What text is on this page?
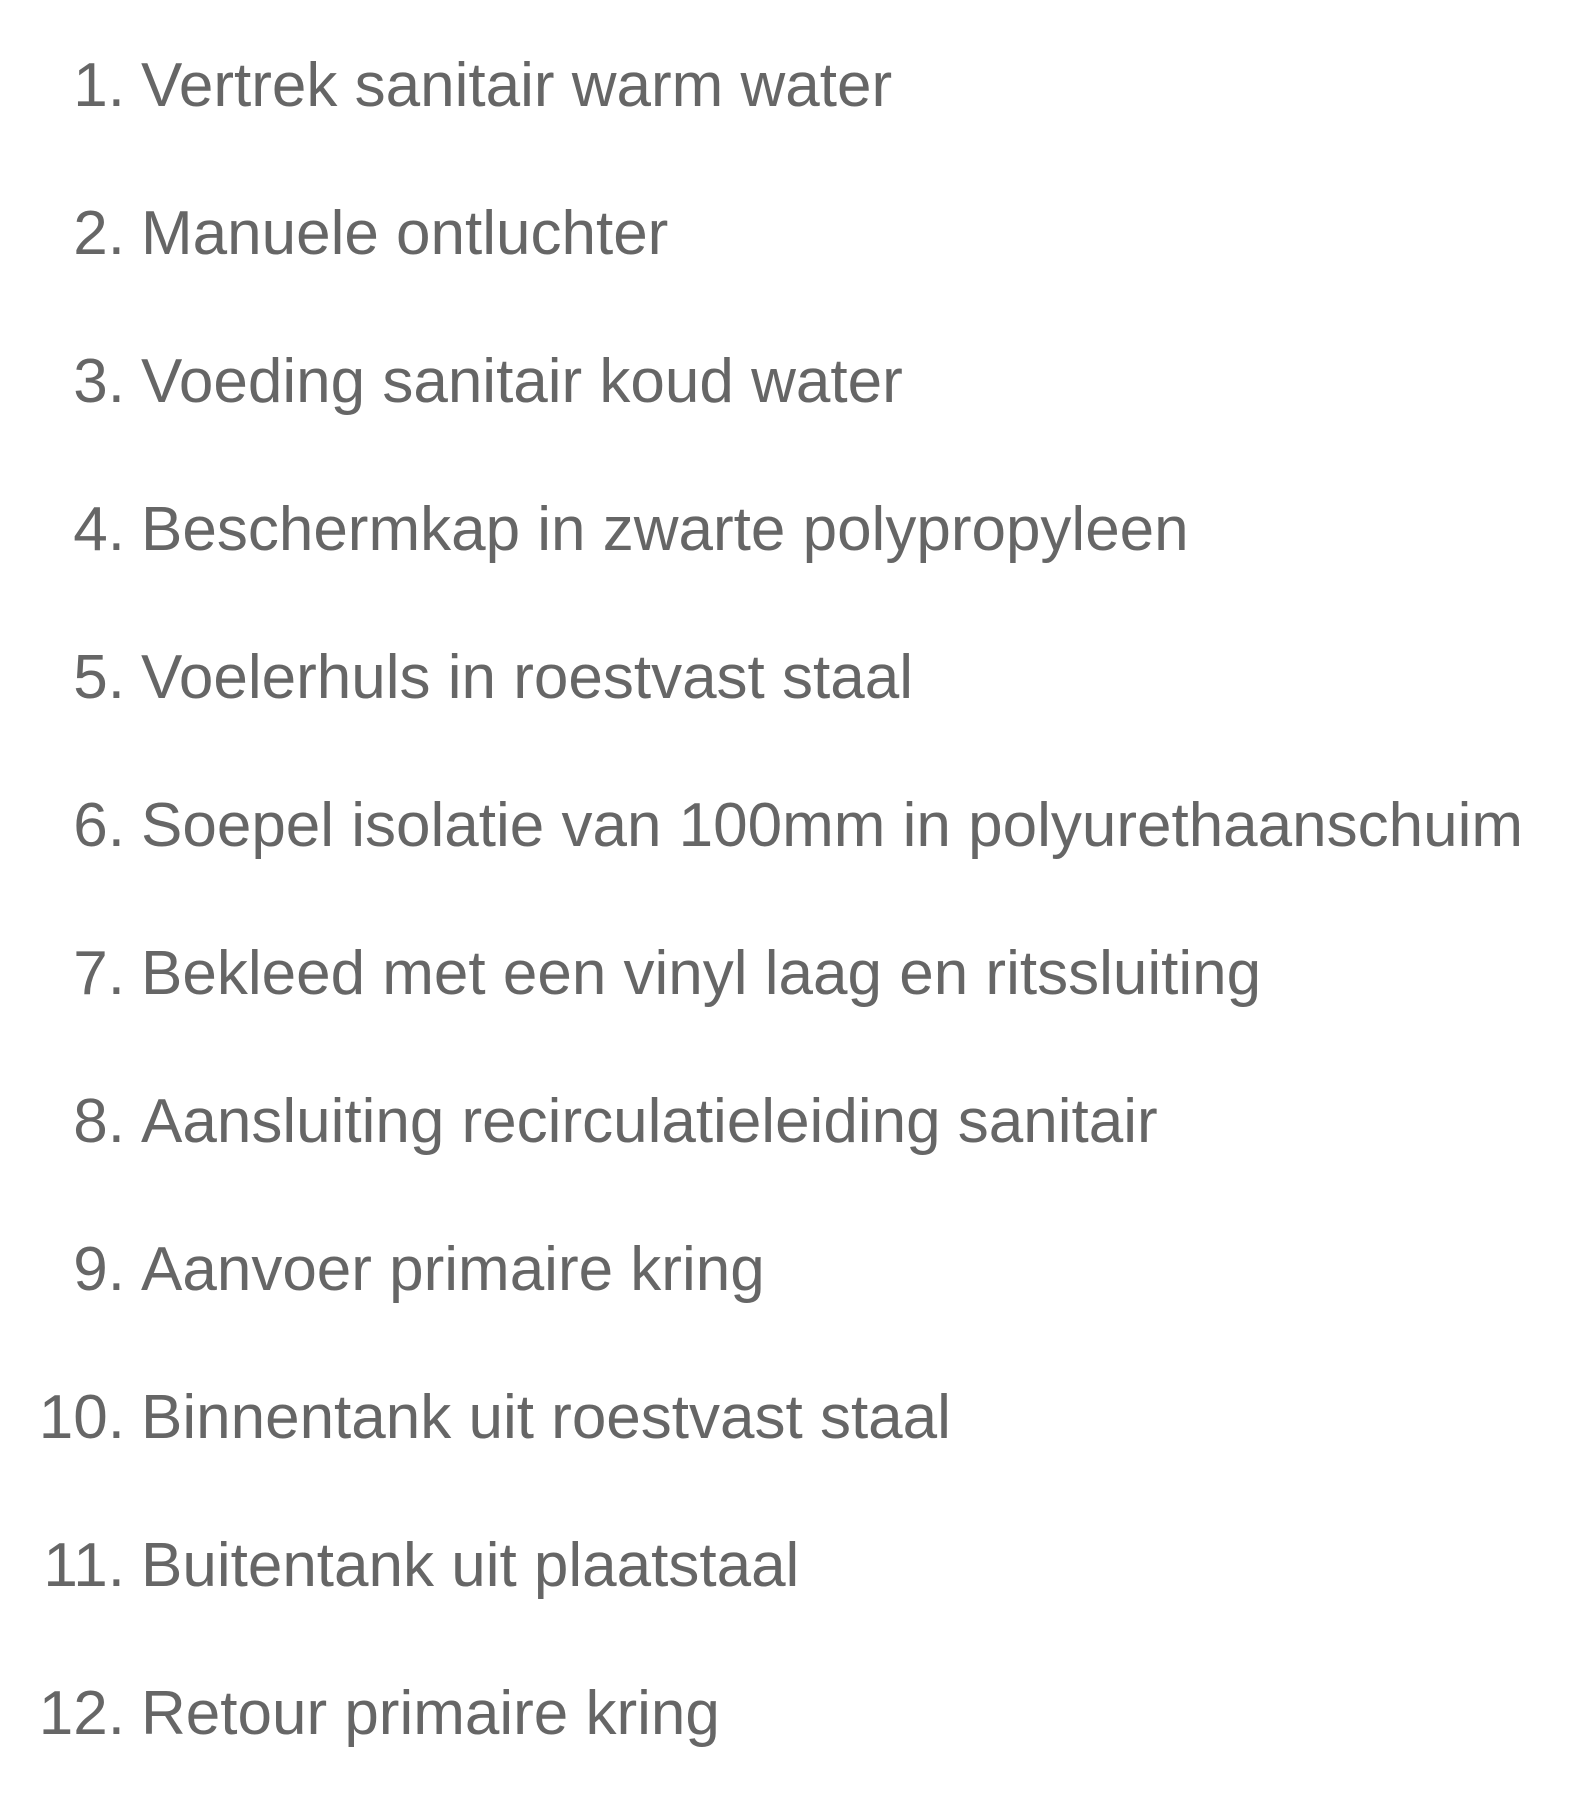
1. Vertrek sanitair warm water
2. Manuele ontluchter
3. Voeding sanitair koud water
4. Beschermkap in zwarte polypropyleen
5. Voelerhuls in roestvast staal
6. Soepel isolatie van 100mm in polyurethaanschuim
7. Bekleed met een vinyl laag en ritssluiting
8. Aansluiting recirculatieleiding sanitair
9. Aanvoer primaire kring
10. Binnentank uit roestvast staal
11. Buitentank uit plaatstaal
12. Retour primaire kring
